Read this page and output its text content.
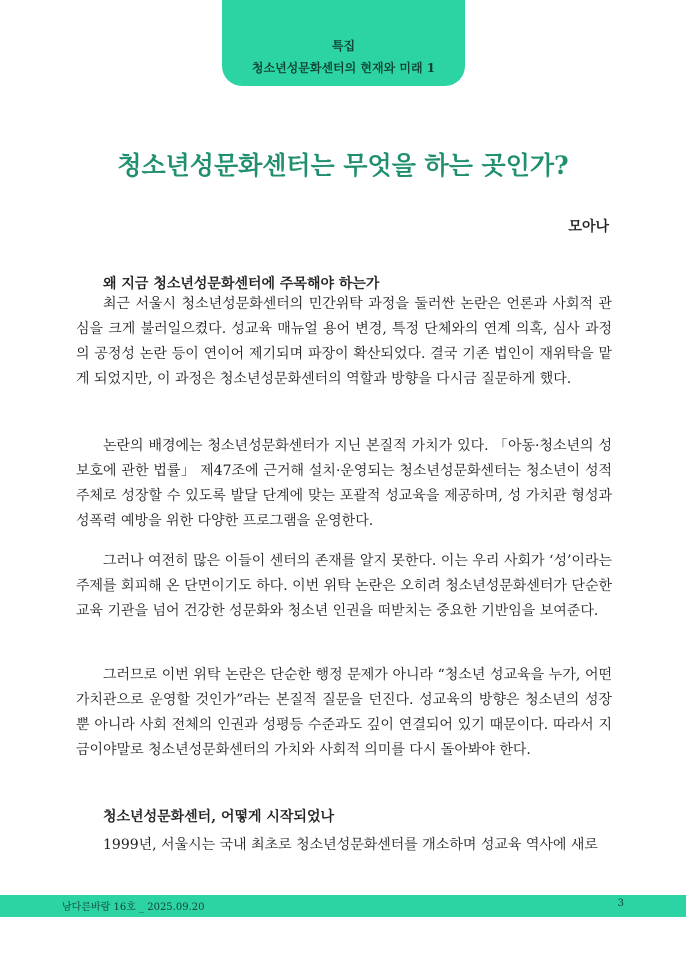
특집
청소년성문화센터의 현재와 미래 1
청소년성문화센터는 무엇을 하는 곳인가?
모아나
왜 지금 청소년성문화센터에 주목해야 하는가

최근 서울시 청소년성문화센터의 민간위탁 과정을 둘러싼 논란은 언론과 사회적 관심을 크게 불러일으켰다. 성교육 매뉴얼 용어 변경, 특정 단체와의 연계 의혹, 심사 과정의 공정성 논란 등이 연이어 제기되며 파장이 확산되었다. 결국 기존 법인이 재위탁을 맡게 되었지만, 이 과정은 청소년성문화센터의 역할과 방향을 다시금 질문하게 했다.

논란의 배경에는 청소년성문화센터가 지닌 본질적 가치가 있다. 「아동·청소년의 성보호에 관한 법률」 제47조에 근거해 설치·운영되는 청소년성문화센터는 청소년이 성적 주체로 성장할 수 있도록 발달 단계에 맞는 포괄적 성교육을 제공하며, 성 가치관 형성과 성폭력 예방을 위한 다양한 프로그램을 운영한다.

그러나 여전히 많은 이들이 센터의 존재를 알지 못한다. 이는 우리 사회가 ‘성’이라는 주제를 회피해 온 단면이기도 하다. 이번 위탁 논란은 오히려 청소년성문화센터가 단순한 교육 기관을 넘어 건강한 성문화와 청소년 인권을 떠받치는 중요한 기반임을 보여준다.

그러므로 이번 위탁 논란은 단순한 행정 문제가 아니라 “청소년 성교육을 누가, 어떤 가치관으로 운영할 것인가”라는 본질적 질문을 던진다. 성교육의 방향은 청소년의 성장뿐 아니라 사회 전체의 인권과 성평등 수준과도 깊이 연결되어 있기 때문이다. 따라서 지금이야말로 청소년성문화센터의 가치와 사회적 의미를 다시 돌아봐야 한다.

청소년성문화센터, 어떻게 시작되었나

1999년, 서울시는 국내 최초로 청소년성문화센터를 개소하며 성교육 역사에 새로

남다른바람 16호 _ 2025.09.20	3
